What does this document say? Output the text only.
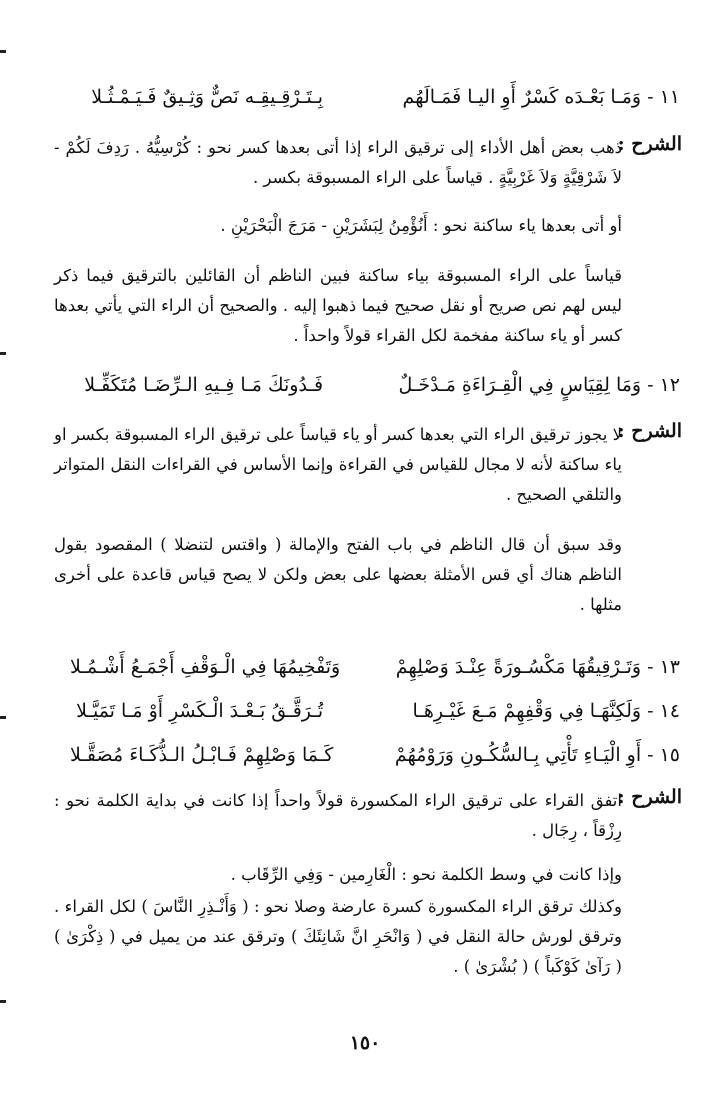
١١ -
وَمَـا بَعْـدَه كَسْرٌ أَوِ اليـا فَمَـالَهُم
بِـتَـرْقِـيقِـه نَصٌّ وَثِـيقٌ فَـيَـمْـثُـلا
الشرح :
ذهب بعض أهل الأداء إلى ترقيق الراء إذا أتى بعدها كسر نحو : كُرْسِيُّهُ . رَدِفَ لَكُمْ - لاَ شَرْقِيَّةٍ وَلاَ غَرْبِيَّةٍ . قياساً على الراء المسبوقة بكسر .
أو أتى بعدها ياء ساكنة نحو : أَنُؤْمِنُ لِبَشَرَيْنِ - مَرَجَ الْبَحْرَيْنِ .
قياساً على الراء المسبوقة بياء ساكنة فبين الناظم أن القائلين بالترقيق فيما ذكر ليس لهم نص صريح أو نقل صحيح فيما ذهبوا إليه . والصحيح أن الراء التي يأتي بعدها كسر أو ياء ساكنة مفخمة لكل القراء قولاً واحداً .
١٢ -
وَمَا لِقِيَاسٍ فِي الْقِـرَاءَةِ مَـدْخَـلٌ
فَـدُونَكَ مَـا فِـيهِ الـرِّضَـا مُتَكَفِّـلا
الشرح :
لا يجوز ترقيق الراء التي بعدها كسر أو ياء قياساً على ترقيق الراء المسبوقة بكسر او ياء ساكنة لأنه لا مجال للقياس في القراءة وإنما الأساس في القراءات النقل المتواتر والتلقي الصحيح .
وقد سبق أن قال الناظم في باب الفتح والإمالة ( واقتس لتنضلا ) المقصود بقول الناظم هناك أي قس الأمثلة بعضها على بعض ولكن لا يصح قياس قاعدة على أخرى مثلها .
١٣ -
وَتَـرْقِيقُهَا مَكْسُـورَةً عِنْـدَ وَصْلِهِمْ
وَتَفْخِيمُهَا فِي الْـوَقْفِ أَجْمَـعُ أَشْـمُـلا
١٤ -
وَلَكِنَّهَـا فِي وَقْفِهِمْ مَـعَ غَيْـرِهَـا
تُـرَقَّـقُ بَـعْـدَ الْـكَسْرِ أَوْ مَـا تَمَيَّـلا
١٥ -
أَوِ الْيَـاءِ تَأْتِي بِـالسُّكُـونِ وَرَوْمُهُمْ
كَـمَا وَصْلِهِمْ فَـابْـلُ الـذُّكَـاءَ مُصَقَّـلا
الشرح :
اتفق القراء على ترقيق الراء المكسورة قولاً واحداً إذا كانت في بداية الكلمة نحو : رِزْقاً ، رِجَال .
وإذا كانت في وسط الكلمة نحو : الْغَارِمين - وَفِي الرِّقَاب .
وكذلك ترقق الراء المكسورة كسرة عارضة وصلا نحو : ( وَأَنْـذِرِ النَّاسَ ) لكل القراء . وترقق لورش حالة النقل في ( وَانْحَرِ انَّ شَانِئَكَ ) وترقق عند من يميل في ( ذِكْرَىٰ ) ( رَآىٰ كَوْكَباً ) ( بُشْرَىٰ ) .
١٥٠
